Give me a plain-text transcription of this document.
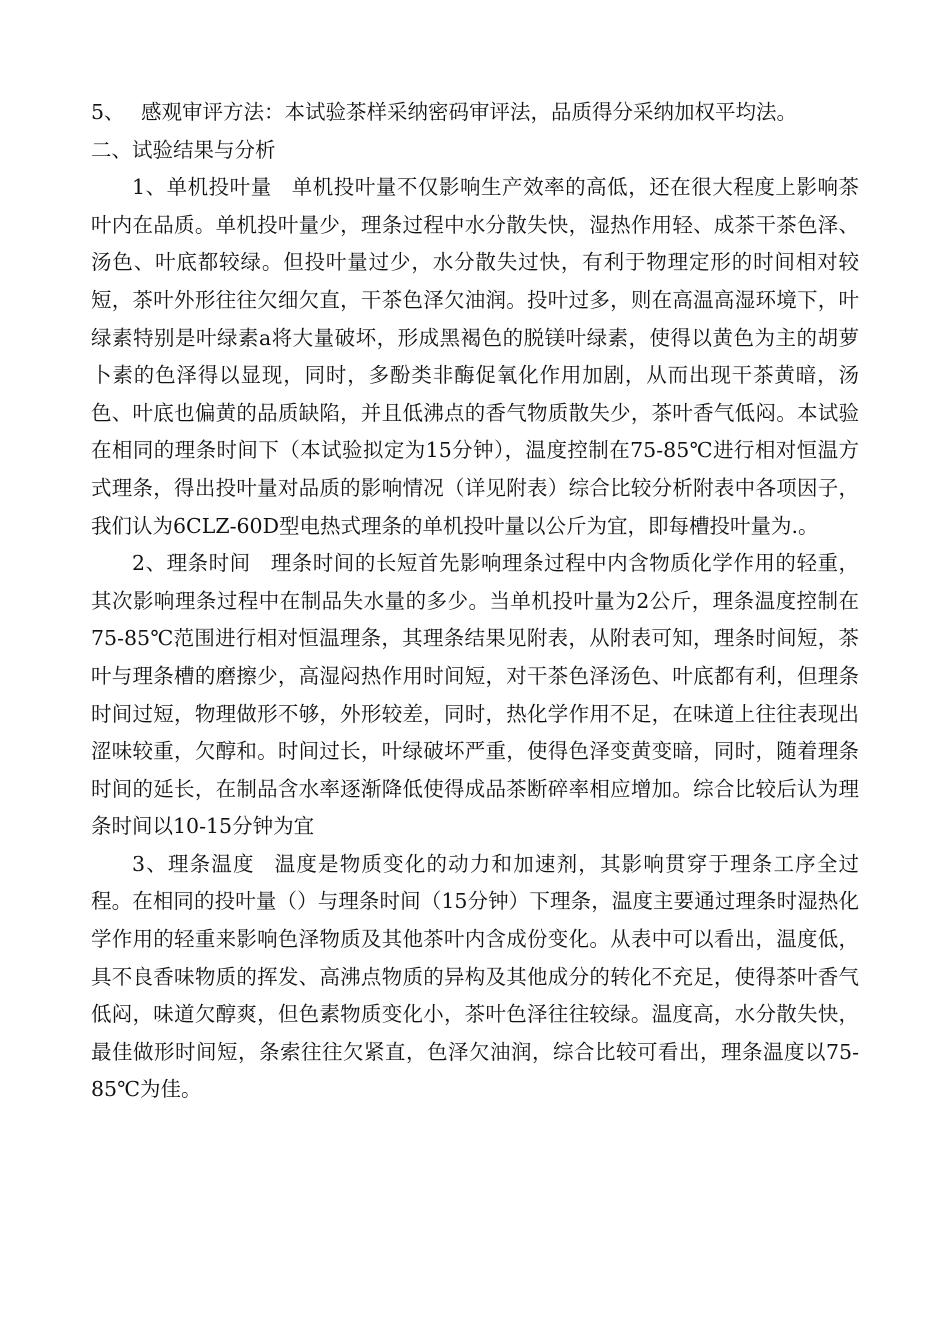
5、 感观审评方法：本试验茶样采纳密码审评法，品质得分采纳加权平均法。

二、试验结果与分析

1、单机投叶量 单机投叶量不仅影响生产效率的高低，还在很大程度上影响茶叶内在品质。单机投叶量少，理条过程中水分散失快，湿热作用轻、成茶干茶色泽、汤色、叶底都较绿。但投叶量过少，水分散失过快，有利于物理定形的时间相对较短，茶叶外形往往欠细欠直，干茶色泽欠油润。投叶过多，则在高温高湿环境下，叶绿素特别是叶绿素a将大量破坏，形成黑褐色的脱镁叶绿素，使得以黄色为主的胡萝卜素的色泽得以显现，同时，多酚类非酶促氧化作用加剧，从而出现干茶黄暗，汤色、叶底也偏黄的品质缺陷，并且低沸点的香气物质散失少，茶叶香气低闷。本试验在相同的理条时间下（本试验拟定为15分钟），温度控制在75-85℃进行相对恒温方式理条，得出投叶量对品质的影响情况（详见附表）综合比较分析附表中各项因子，我们认为6CLZ-60D型电热式理条的单机投叶量以公斤为宜，即每槽投叶量为.。

2、理条时间 理条时间的长短首先影响理条过程中内含物质化学作用的轻重，其次影响理条过程中在制品失水量的多少。当单机投叶量为2公斤，理条温度控制在75-85℃范围进行相对恒温理条，其理条结果见附表，从附表可知，理条时间短，茶叶与理条槽的磨擦少，高湿闷热作用时间短，对干茶色泽汤色、叶底都有利，但理条时间过短，物理做形不够，外形较差，同时，热化学作用不足，在味道上往往表现出涩味较重，欠醇和。时间过长，叶绿破坏严重，使得色泽变黄变暗，同时，随着理条时间的延长，在制品含水率逐渐降低使得成品茶断碎率相应增加。综合比较后认为理条时间以10-15分钟为宜

3、理条温度 温度是物质变化的动力和加速剂，其影响贯穿于理条工序全过程。在相同的投叶量（）与理条时间（15分钟）下理条，温度主要通过理条时湿热化学作用的轻重来影响色泽物质及其他茶叶内含成份变化。从表中可以看出，温度低，具不良香味物质的挥发、高沸点物质的异构及其他成分的转化不充足，使得茶叶香气低闷，味道欠醇爽，但色素物质变化小，茶叶色泽往往较绿。温度高，水分散失快，最佳做形时间短，条索往往欠紧直，色泽欠油润，综合比较可看出，理条温度以75-85℃为佳。
